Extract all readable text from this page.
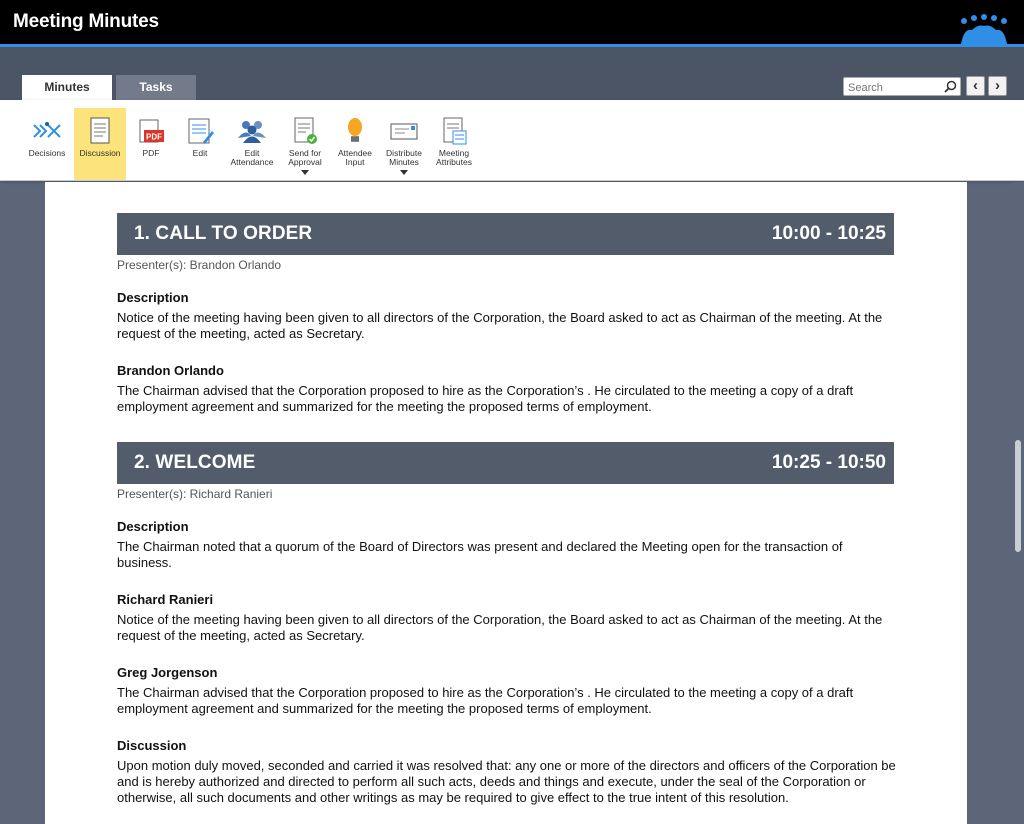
Meeting Minutes
Minutes	Tasks
Search	‹	›
Decisions	Discussion
PDF
PDF	Edit	Edit Attendance
Send for Approval
Attendee Input
Distribute Minutes
Meeting Attributes
1. CALL TO ORDER	10:00 - 10:25
Presenter(s): Brandon Orlando
Description
Notice of the meeting having been given to all directors of the Corporation, the Board asked to act as Chairman of the meeting. At the request of the meeting, acted as Secretary.
Brandon Orlando
The Chairman advised that the Corporation proposed to hire as the Corporation’s . He circulated to the meeting a copy of a draft employment agreement and summarized for the meeting the proposed terms of employment.
2. WELCOME	10:25 - 10:50
Presenter(s): Richard Ranieri
Description
The Chairman noted that a quorum of the Board of Directors was present and declared the Meeting open for the transaction of business.
Richard Ranieri
Notice of the meeting having been given to all directors of the Corporation, the Board asked to act as Chairman of the meeting. At the request of the meeting, acted as Secretary.
Greg Jorgenson
The Chairman advised that the Corporation proposed to hire as the Corporation’s . He circulated to the meeting a copy of a draft employment agreement and summarized for the meeting the proposed terms of employment.
Discussion
Upon motion duly moved, seconded and carried it was resolved that: any one or more of the directors and officers of the Corporation be and is hereby authorized and directed to perform all such acts, deeds and things and execute, under the seal of the Corporation or otherwise, all such documents and other writings as may be required to give effect to the true intent of this resolution.
